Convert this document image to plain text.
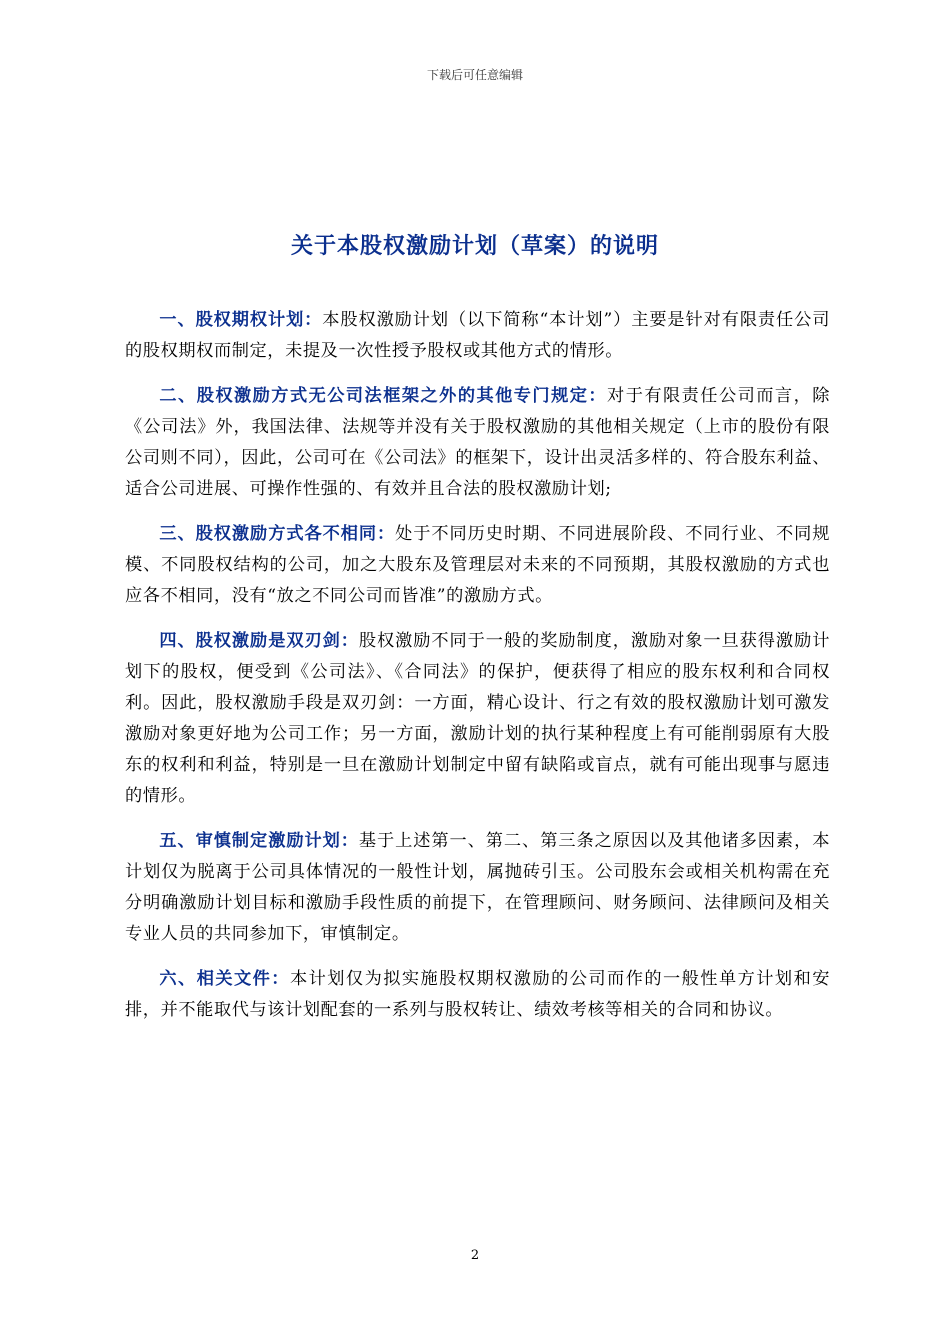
下载后可任意编辑
关于本股权激励计划（草案）的说明

一、股权期权计划：本股权激励计划（以下简称“本计划”）主要是针对有限责任公司的股权期权而制定，未提及一次性授予股权或其他方式的情形。

二、股权激励方式无公司法框架之外的其他专门规定：对于有限责任公司而言，除《公司法》外，我国法律、法规等并没有关于股权激励的其他相关规定（上市的股份有限公司则不同），因此，公司可在《公司法》的框架下，设计出灵活多样的、符合股东利益、适合公司进展、可操作性强的、有效并且合法的股权激励计划;

三、股权激励方式各不相同：处于不同历史时期、不同进展阶段、不同行业、不同规模、不同股权结构的公司，加之大股东及管理层对未来的不同预期，其股权激励的方式也应各不相同，没有“放之不同公司而皆准”的激励方式。

四、股权激励是双刃剑：股权激励不同于一般的奖励制度，激励对象一旦获得激励计划下的股权，便受到《公司法》、《合同法》的保护，便获得了相应的股东权利和合同权利。因此，股权激励手段是双刃剑：一方面，精心设计、行之有效的股权激励计划可激发激励对象更好地为公司工作；另一方面，激励计划的执行某种程度上有可能削弱原有大股东的权利和利益，特别是一旦在激励计划制定中留有缺陷或盲点，就有可能出现事与愿违的情形。

五、审慎制定激励计划：基于上述第一、第二、第三条之原因以及其他诸多因素，本计划仅为脱离于公司具体情况的一般性计划，属抛砖引玉。公司股东会或相关机构需在充分明确激励计划目标和激励手段性质的前提下，在管理顾问、财务顾问、法律顾问及相关专业人员的共同参加下，审慎制定。

六、相关文件：本计划仅为拟实施股权期权激励的公司而作的一般性单方计划和安排，并不能取代与该计划配套的一系列与股权转让、绩效考核等相关的合同和协议。

2
